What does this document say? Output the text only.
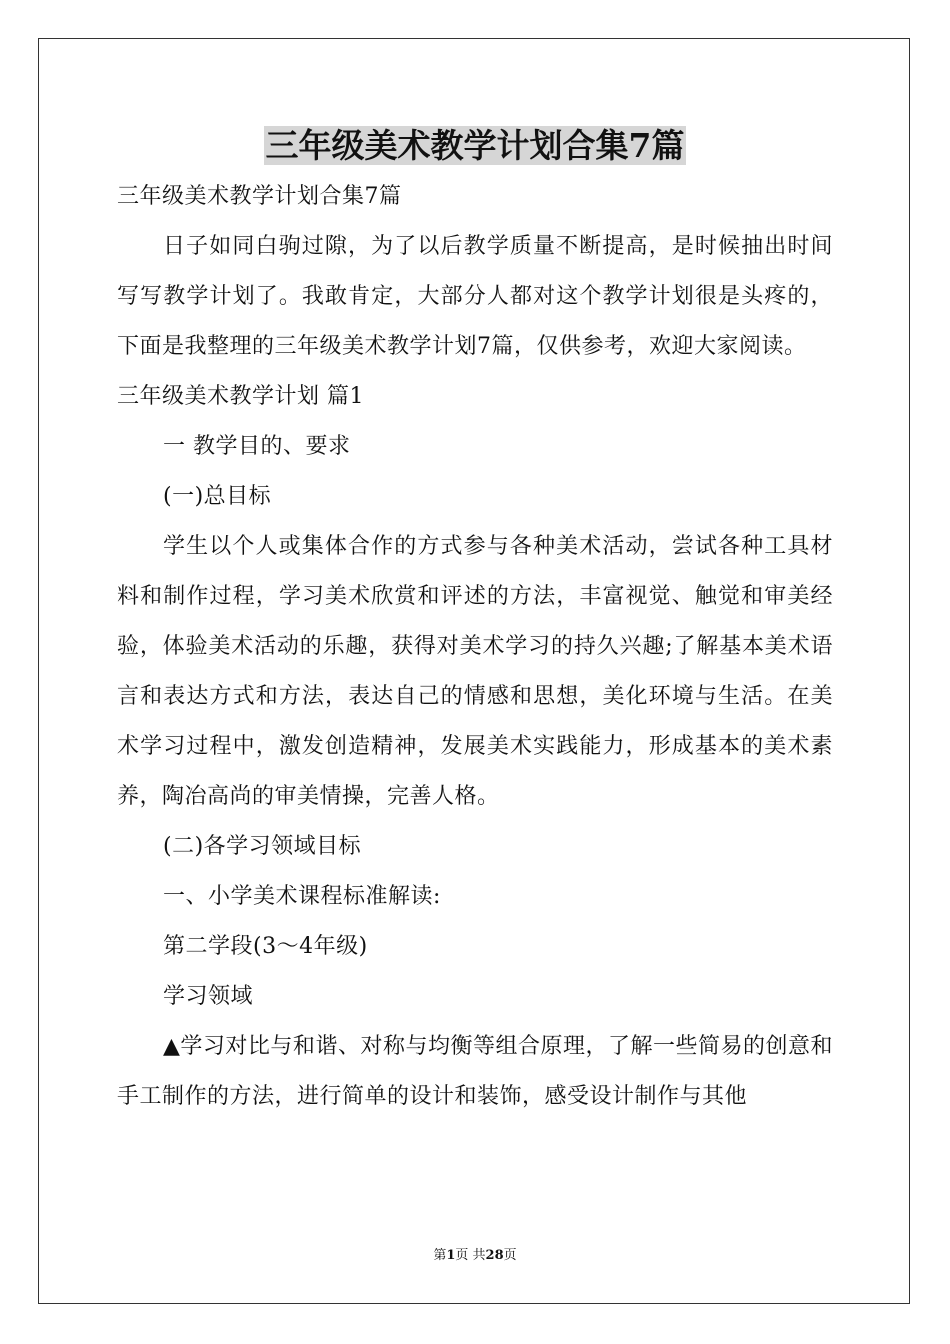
三年级美术教学计划合集7篇

三年级美术教学计划合集7篇

日子如同白驹过隙，为了以后教学质量不断提高，是时候抽出时间写写教学计划了。我敢肯定，大部分人都对这个教学计划很是头疼的，下面是我整理的三年级美术教学计划7篇，仅供参考，欢迎大家阅读。

三年级美术教学计划 篇1

一 教学目的、要求

(一)总目标

学生以个人或集体合作的方式参与各种美术活动，尝试各种工具材料和制作过程，学习美术欣赏和评述的方法，丰富视觉、触觉和审美经验，体验美术活动的乐趣，获得对美术学习的持久兴趣;了解基本美术语言和表达方式和方法，表达自己的情感和思想，美化环境与生活。在美术学习过程中，激发创造精神，发展美术实践能力，形成基本的美术素养，陶冶高尚的审美情操，完善人格。

(二)各学习领域目标

一、小学美术课程标准解读:

第二学段(3～4年级)

学习领域

▲学习对比与和谐、对称与均衡等组合原理，了解一些简易的创意和手工制作的方法，进行简单的设计和装饰，感受设计制作与其他

第1页 共28页
